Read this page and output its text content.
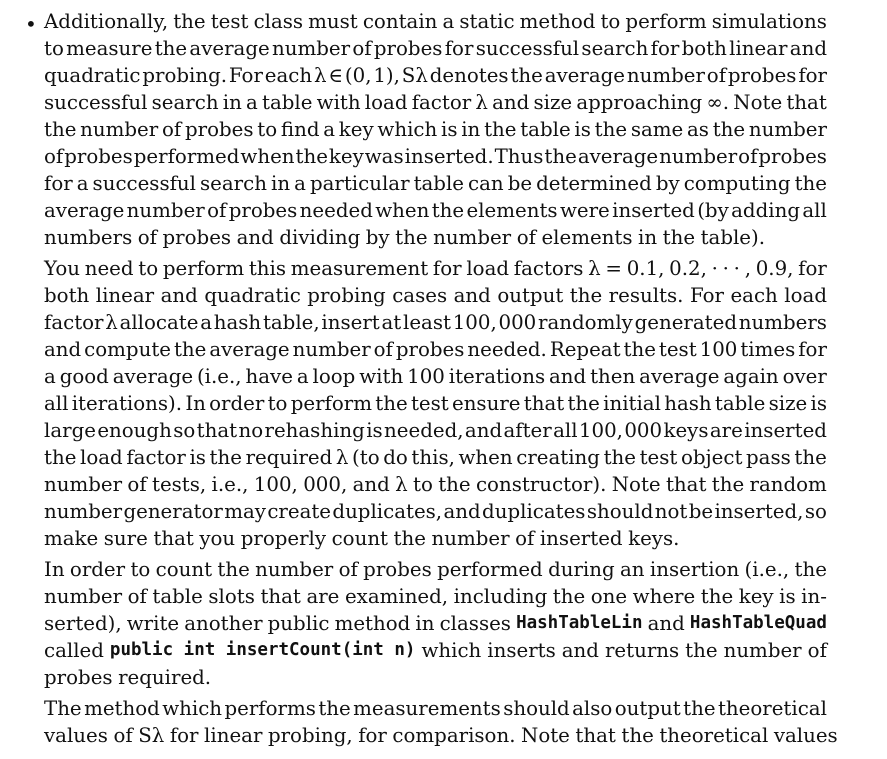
• Additionally, the test class must contain a static method to perform simulations
to measure the average number of probes for successful search for both linear and
quadratic probing. For each λ ∈ (0, 1), Sλ denotes the average number of probes for
successful search in a table with load factor λ and size approaching ∞. Note that
the number of probes to find a key which is in the table is the same as the number
of probes performed when the key was inserted. Thus the average number of probes
for a successful search in a particular table can be determined by computing the
average number of probes needed when the elements were inserted (by adding all
numbers of probes and dividing by the number of elements in the table).
You need to perform this measurement for load factors λ = 0.1, 0.2, · · · , 0.9, for
both linear and quadratic probing cases and output the results. For each load
factor λ allocate a hash table, insert at least 100, 000 randomly generated numbers
and compute the average number of probes needed. Repeat the test 100 times for
a good average (i.e., have a loop with 100 iterations and then average again over
all iterations). In order to perform the test ensure that the initial hash table size is
large enough so that no rehashing is needed, and after all 100, 000 keys are inserted
the load factor is the required λ (to do this, when creating the test object pass the
number of tests, i.e., 100, 000, and λ to the constructor). Note that the random
number generator may create duplicates, and duplicates should not be inserted, so
make sure that you properly count the number of inserted keys.
In order to count the number of probes performed during an insertion (i.e., the
number of table slots that are examined, including the one where the key is in-
serted), write another public method in classes HashTableLin and HashTableQuad
called public int insertCount(int n) which inserts and returns the number of
probes required.
The method which performs the measurements should also output the theoretical
values of Sλ for linear probing, for comparison. Note that the theoretical values
